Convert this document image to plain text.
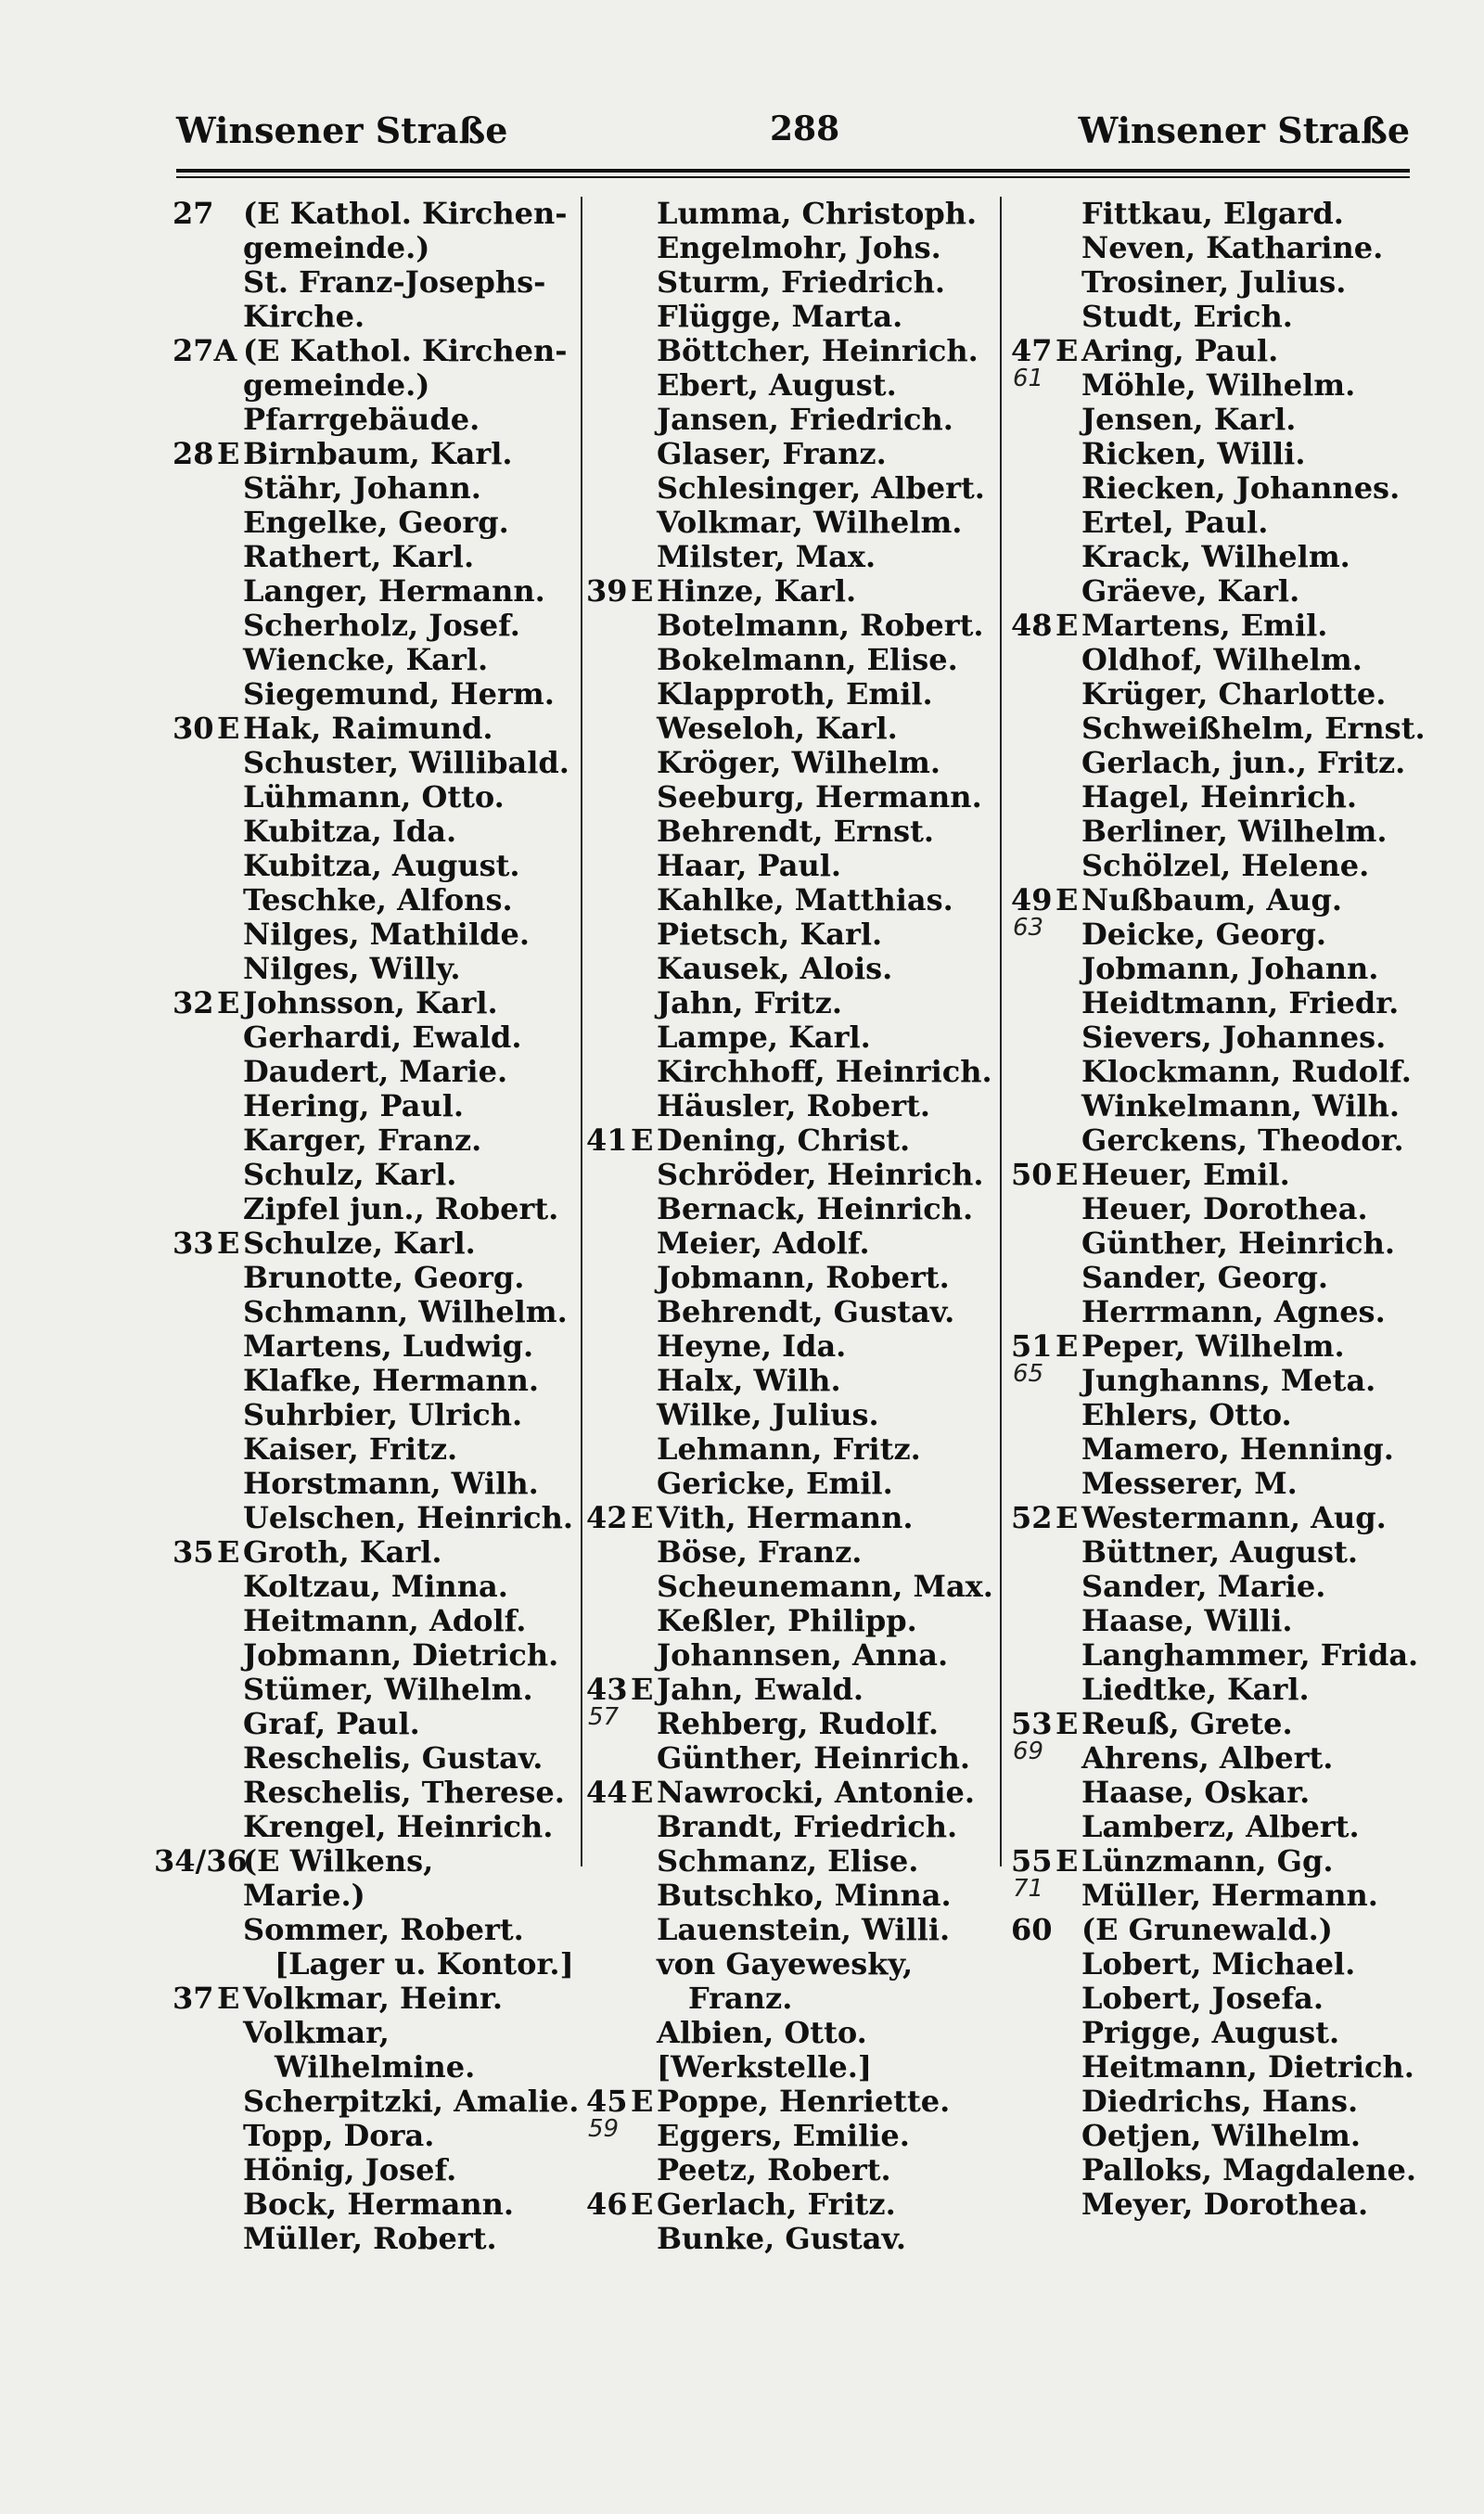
Winsener Straße	288	Winsener Straße
27 (E Kathol. Kirchen-
gemeinde.)
St. Franz-Josephs-
Kirche.
27A (E Kathol. Kirchen-
gemeinde.)
Pfarrgebäude.
28 E Birnbaum, Karl.
Stähr, Johann.
Engelke, Georg.
Rathert, Karl.
Langer, Hermann.
Scherholz, Josef.
Wiencke, Karl.
Siegemund, Herm.
30 E Hak, Raimund.
Schuster, Willibald.
Lühmann, Otto.
Kubitza, Ida.
Kubitza, August.
Teschke, Alfons.
Nilges, Mathilde.
Nilges, Willy.
32 E Johnsson, Karl.
Gerhardi, Ewald.
Daudert, Marie.
Hering, Paul.
Karger, Franz.
Schulz, Karl.
Zipfel jun., Robert.
33 E Schulze, Karl.
Brunotte, Georg.
Schmann, Wilhelm.
Martens, Ludwig.
Klafke, Hermann.
Suhrbier, Ulrich.
Kaiser, Fritz.
Horstmann, Wilh.
Uelschen, Heinrich.
35 E Groth, Karl.
Koltzau, Minna.
Heitmann, Adolf.
Jobmann, Dietrich.
Stümer, Wilhelm.
Graf, Paul.
Reschelis, Gustav.
Reschelis, Therese.
Krengel, Heinrich.
34/36
(E Wilkens,
Marie.)
Sommer, Robert.
[Lager u. Kontor.]
37 E Volkmar, Heinr.
Volkmar,
Wilhelmine.
Scherpitzki, Amalie.
Topp, Dora.
Hönig, Josef.
Bock, Hermann.
Müller, Robert.
Lumma, Christoph.
Engelmohr, Johs.
Sturm, Friedrich.
Flügge, Marta.
Böttcher, Heinrich.
Ebert, August.
Jansen, Friedrich.
Glaser, Franz.
Schlesinger, Albert.
Volkmar, Wilhelm.
Milster, Max.
39 E Hinze, Karl.
Botelmann, Robert.
Bokelmann, Elise.
Klapproth, Emil.
Weseloh, Karl.
Kröger, Wilhelm.
Seeburg, Hermann.
Behrendt, Ernst.
Haar, Paul.
Kahlke, Matthias.
Pietsch, Karl.
Kausek, Alois.
Jahn, Fritz.
Lampe, Karl.
Kirchhoff, Heinrich.
Häusler, Robert.
41 E Dening, Christ.
Schröder, Heinrich.
Bernack, Heinrich.
Meier, Adolf.
Jobmann, Robert.
Behrendt, Gustav.
Heyne, Ida.
Halx, Wilh.
Wilke, Julius.
Lehmann, Fritz.
Gericke, Emil.
42 E Vith, Hermann.
Böse, Franz.
Scheunemann, Max.
Keßler, Philipp.
Johannsen, Anna.
43
57
E Jahn, Ewald.
Rehberg, Rudolf.
Günther, Heinrich.
44 E Nawrocki, Antonie.
Brandt, Friedrich.
Schmanz, Elise.
Butschko, Minna.
Lauenstein, Willi.
von Gayewesky,
Franz.
Albien, Otto.
[Werkstelle.]
45
59
E Poppe, Henriette.
Eggers, Emilie.
Peetz, Robert.
46 E Gerlach, Fritz.
Bunke, Gustav.
Fittkau, Elgard.
Neven, Katharine.
Trosiner, Julius.
Studt, Erich.
47
61
E Aring, Paul.
Möhle, Wilhelm.
Jensen, Karl.
Ricken, Willi.
Riecken, Johannes.
Ertel, Paul.
Krack, Wilhelm.
Gräeve, Karl.
48 E Martens, Emil.
Oldhof, Wilhelm.
Krüger, Charlotte.
Schweißhelm, Ernst.
Gerlach, jun., Fritz.
Hagel, Heinrich.
Berliner, Wilhelm.
Schölzel, Helene.
49
63
E Nußbaum, Aug.
Deicke, Georg.
Jobmann, Johann.
Heidtmann, Friedr.
Sievers, Johannes.
Klockmann, Rudolf.
Winkelmann, Wilh.
Gerckens, Theodor.
50 E Heuer, Emil.
Heuer, Dorothea.
Günther, Heinrich.
Sander, Georg.
Herrmann, Agnes.
51
65
E Peper, Wilhelm.
Junghanns, Meta.
Ehlers, Otto.
Mamero, Henning.
Messerer, M.
52 E Westermann, Aug.
Büttner, August.
Sander, Marie.
Haase, Willi.
Langhammer, Frida.
Liedtke, Karl.
53
69
E Reuß, Grete.
Ahrens, Albert.
Haase, Oskar.
Lamberz, Albert.
55
71
E Lünzmann, Gg.
Müller, Hermann.
60 (E Grunewald.)
Lobert, Michael.
Lobert, Josefa.
Prigge, August.
Heitmann, Dietrich.
Diedrichs, Hans.
Oetjen, Wilhelm.
Palloks, Magdalene.
Meyer, Dorothea.
